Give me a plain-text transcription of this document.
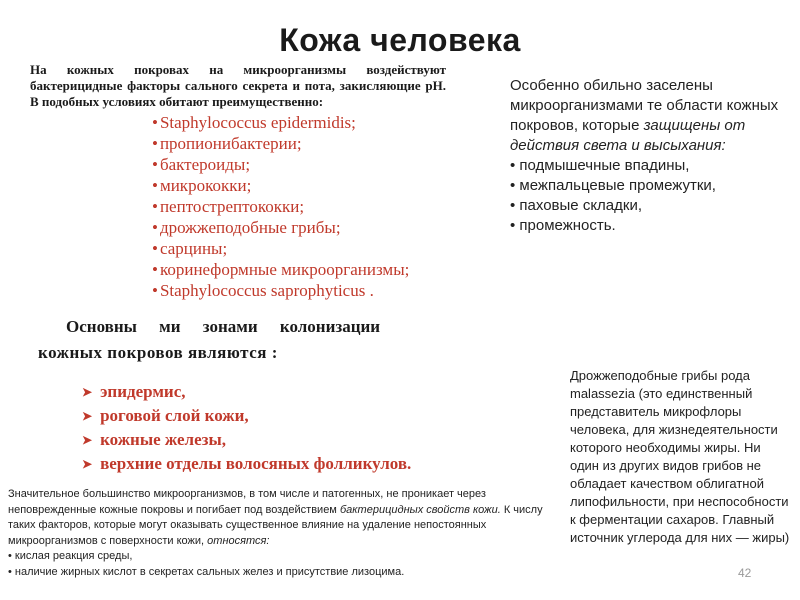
Кожа человека

На кожных покровах на микроорганизмы воздействуют бактерицидные факторы сального секрета и пота, закисляющие рН. В подобных условиях обитают преимущественно:

• Staphylococcus epidermidis;
• пропионибактерии;
• бактероиды;
• микрококки;
• пептострептококки;
• дрожжеподобные грибы;
• сарцины;
• коринеформные микроорганизмы;
• Staphylococcus saprophyticus .
Основны ми зонами колонизации
кожных покровов являются :
➤ эпидермис,
➤ роговой слой кожи,
➤ кожные железы,
➤ верхние отделы волосяных фолликулов.

Особенно обильно заселены микроорганизмами те области кожных покровов, которые защищены от действия света и высыхания:

• подмышечные впадины,
• межпальцевые промежутки,
• паховые складки,
• промежность.

Значительное большинство микроорганизмов, в том числе и патогенных, не проникает через неповрежденные кожные покровы и погибает под воздействием бактерицидных свойств кожи. К числу таких факторов, которые могут оказывать существенное влияние на удаление непостоянных микроорганизмов с поверхности кожи, относятся:

• кислая реакция среды,
• наличие жирных кислот в секретах сальных желез и присутствие лизоцима.

Дрожжеподобные грибы рода malassezia (это единственный представитель микрофлоры человека, для жизнедеятельности которого необходимы жиры. Ни один из других видов грибов не обладает качеством облигатной липофильности, при неспособности к ферментации сахаров. Главный источник углерода для них — жиры)

42
